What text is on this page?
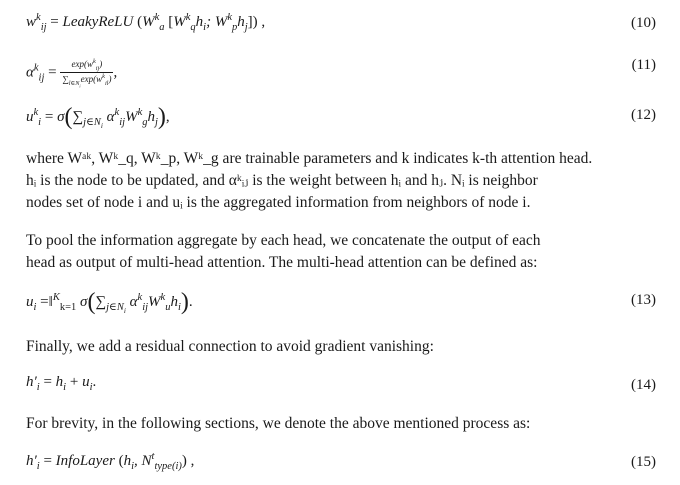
$w^k_{ij}$ = LeakyReLU ($W^k_a$ [$W^k_qh_i$; $W^k_ph_j$]) ,	(10)
$\alpha^k_{ij} = \frac{\exp(w^k_{ij})}{\sum_{l\in N_i}\exp(w^k_{il})}$ ,	(11)
$u^k_i = \sigma(\sum_{j\in N_i}$ $\alpha^k_{ij}W^k_gh_j$),	(12)
where Wᵃᵏ, Wᵏ_q, Wᵏ_p, Wᵏ_g are trainable parameters and k indicates k-th attention head.
hᵢ is the node to be updated, and αᵏᵢⱼ is the weight between hᵢ and hⱼ. Nᵢ is neighbor
nodes set of node i and uᵢ is the aggregated information from neighbors of node i.
To pool the information aggregate by each head, we concatenate the output of each
head as output of multi-head attention. The multi-head attention can be defined as:
$u_i$ =‖$^K_{k=1}$ $\sigma(\sum_{j\in N_i}$ $\alpha^k_{ij}W^k_uh_i$).	(13)
Finally, we add a residual connection to avoid gradient vanishing:
$h'_i = h_i + u_i$.	(14)
For brevity, in the following sections, we denote the above mentioned process as:
$h'_i$ = InfoLayer ($h_i$, $N^t_{type(i)}$) ,	(15)
